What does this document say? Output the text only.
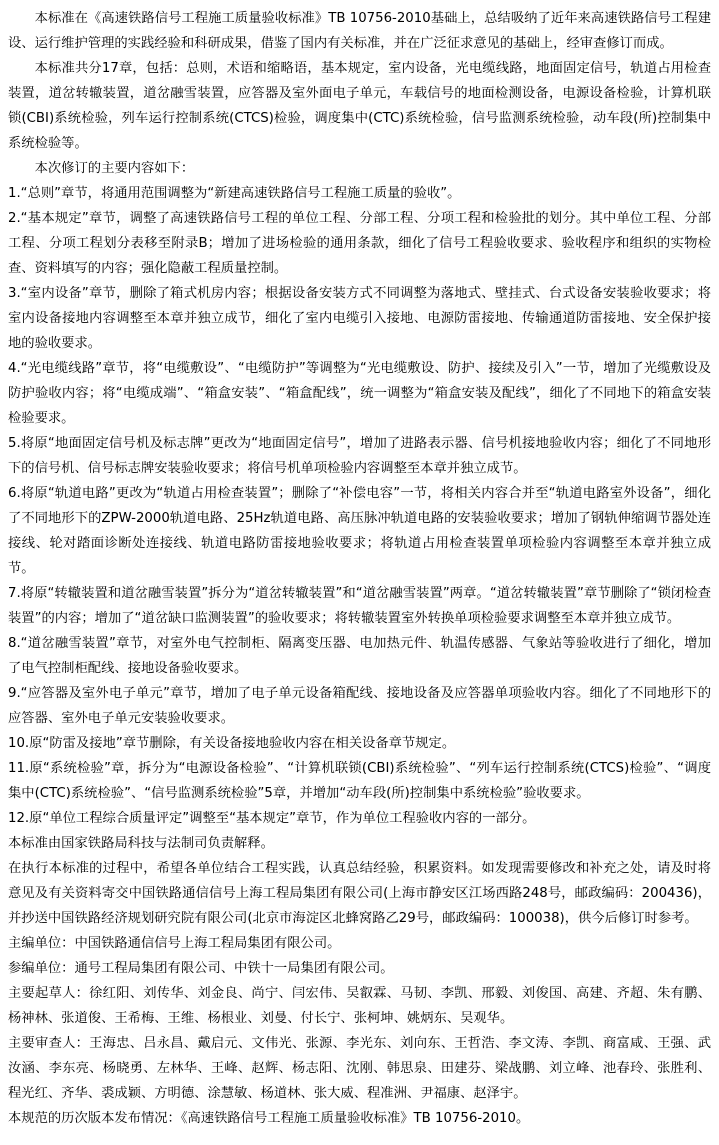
本标准在《高速铁路信号工程施工质量验收标准》TB 10756-2010基础上，总结吸纳了近年来高速铁路信号工程建设、运行维护管理的实践经验和科研成果，借鉴了国内有关标准，并在广泛征求意见的基础上，经审查修订而成。

本标准共分17章，包括：总则，术语和缩略语，基本规定，室内设备，光电缆线路，地面固定信号，轨道占用检查装置，道岔转辙装置，道岔融雪装置，应答器及室外面电子单元，车载信号的地面检测设备，电源设备检验，计算机联锁(CBI)系统检验，列车运行控制系统(CTCS)检验，调度集中(CTC)系统检验，信号监测系统检验，动车段(所)控制集中系统检验等。

本次修订的主要内容如下：

1.“总则”章节，将通用范围调整为“新建高速铁路信号工程施工质量的验收”。

2.“基本规定”章节，调整了高速铁路信号工程的单位工程、分部工程、分项工程和检验批的划分。其中单位工程、分部工程、分项工程划分表移至附录B；增加了进场检验的通用条款，细化了信号工程验收要求、验收程序和组织的实物检查、资料填写的内容；强化隐蔽工程质量控制。

3.“室内设备”章节，删除了箱式机房内容；根据设备安装方式不同调整为落地式、壁挂式、台式设备安装验收要求；将室内设备接地内容调整至本章并独立成节，细化了室内电缆引入接地、电源防雷接地、传输通道防雷接地、安全保护接地的验收要求。

4.“光电缆线路”章节，将“电缆敷设”、“电缆防护”等调整为“光电缆敷设、防护、接续及引入”一节，增加了光缆敷设及防护验收内容；将“电缆成端”、“箱盒安装”、“箱盒配线”，统一调整为“箱盒安装及配线”，细化了不同地下的箱盒安装检验要求。

5.将原“地面固定信号机及标志牌”更改为“地面固定信号”，增加了进路表示器、信号机接地验收内容；细化了不同地形下的信号机、信号标志牌安装验收要求；将信号机单项检验内容调整至本章并独立成节。

6.将原“轨道电路”更改为“轨道占用检查装置”；删除了“补偿电容”一节，将相关内容合并至“轨道电路室外设备”，细化了不同地形下的ZPW-2000轨道电路、25Hz轨道电路、高压脉冲轨道电路的安装验收要求；增加了钢轨伸缩调节器处连接线、轮对踏面诊断处连接线、轨道电路防雷接地验收要求；将轨道占用检查装置单项检验内容调整至本章并独立成节。

7.将原“转辙装置和道岔融雪装置”拆分为“道岔转辙装置”和“道岔融雪装置”两章。“道岔转辙装置”章节删除了“锁闭检查装置”的内容；增加了“道岔缺口监测装置”的验收要求；将转辙装置室外转换单项检验要求调整至本章并独立成节。

8.“道岔融雪装置”章节，对室外电气控制柜、隔离变压器、电加热元件、轨温传感器、气象站等验收进行了细化，增加了电气控制柜配线、接地设备验收要求。

9.“应答器及室外电子单元”章节，增加了电子单元设备箱配线、接地设备及应答器单项验收内容。细化了不同地形下的应答器、室外电子单元安装验收要求。

10.原“防雷及接地”章节删除，有关设备接地验收内容在相关设备章节规定。

11.原“系统检验”章，拆分为“电源设备检验”、“计算机联锁(CBI)系统检验”、“列车运行控制系统(CTCS)检验”、“调度集中(CTC)系统检验”、“信号监测系统检验”5章，并增加“动车段(所)控制集中系统检验”验收要求。

12.原“单位工程综合质量评定”调整至“基本规定”章节，作为单位工程验收内容的一部分。

本标准由国家铁路局科技与法制司负责解释。

在执行本标准的过程中，希望各单位结合工程实践，认真总结经验，积累资料。如发现需要修改和补充之处，请及时将意见及有关资料寄交中国铁路通信信号上海工程局集团有限公司(上海市静安区江场西路248号，邮政编码：200436)，并抄送中国铁路经济规划研究院有限公司(北京市海淀区北蜂窝路乙29号，邮政编码：100038)，供今后修订时参考。

主编单位：中国铁路通信信号上海工程局集团有限公司。

参编单位：通号工程局集团有限公司、中铁十一局集团有限公司。

主要起草人：徐红阳、刘传华、刘金良、尚宁、闫宏伟、吴叡霖、马韧、李凯、邢毅、刘俊国、高建、齐超、朱有鹏、杨神林、张道俊、王希梅、王维、杨根业、刘曼、付长宁、张柯坤、姚炳东、吴观华。

主要审查人：王海忠、吕永昌、戴启元、文伟光、张源、李光东、刘向东、王哲浩、李文涛、李凯、商富咸、王强、武汝涵、李东亮、杨晓勇、左林华、王峰、赵辉、杨志阳、沈刚、韩思泉、田建芬、梁战鹏、刘立峰、池春玲、张胜利、程光红、齐华、裘成颖、方明德、涂慧敏、杨道林、张大威、程准洲、尹福康、赵泽宇。

本规范的历次版本发布情况：《高速铁路信号工程施工质量验收标准》TB 10756-2010。
